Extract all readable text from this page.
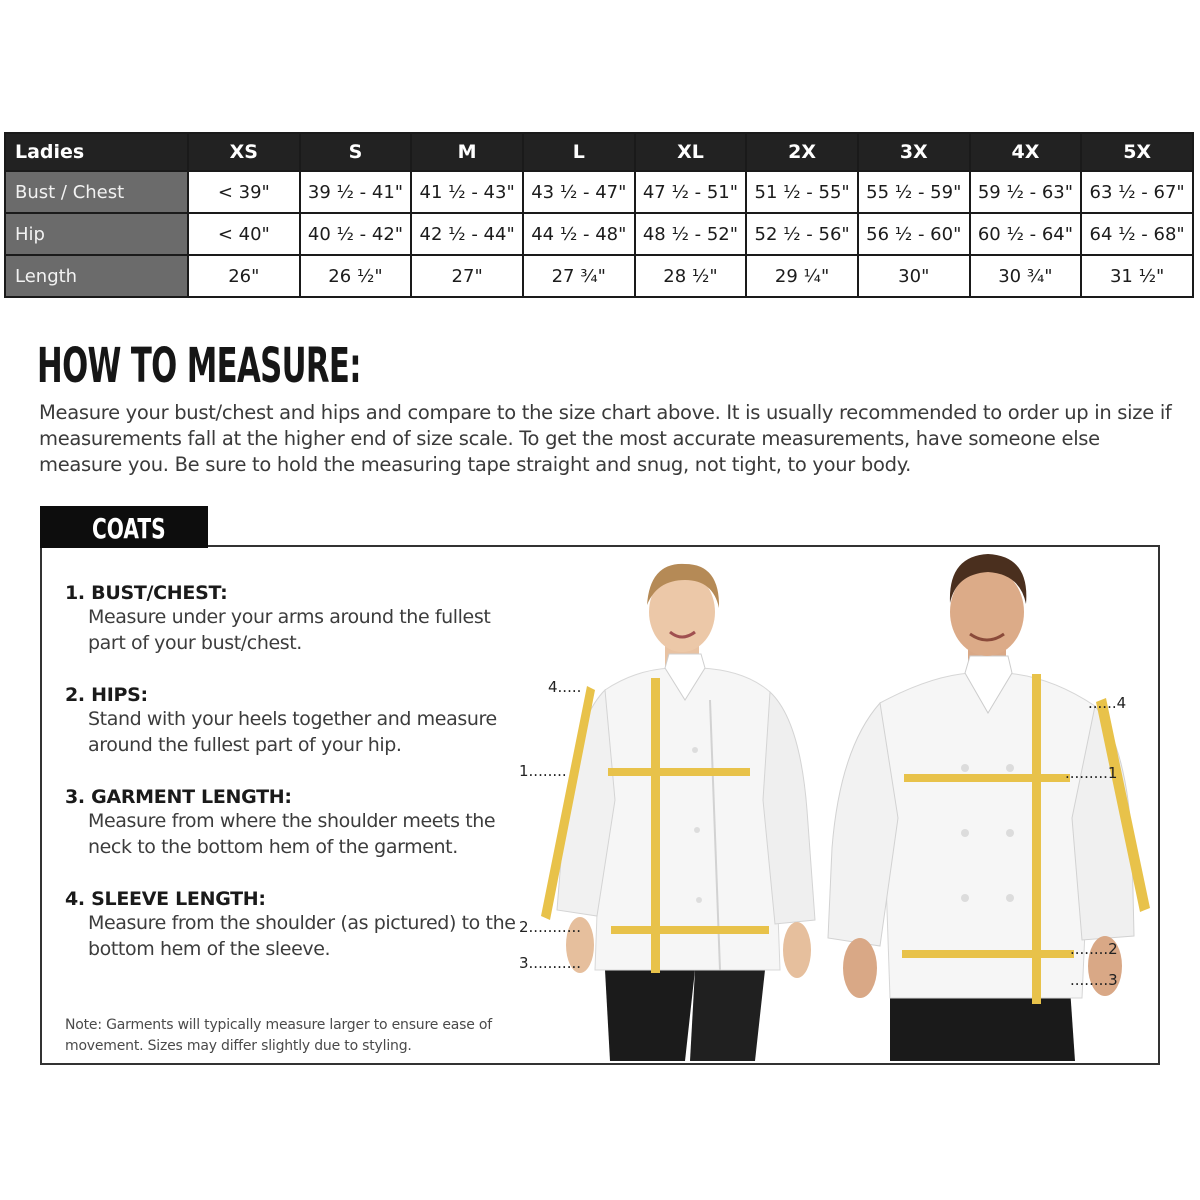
Ladies	XS	S	M	L	XL	2X	3X	4X	5X
Bust / Chest	< 39"	39 ½ - 41"	41 ½ - 43"	43 ½ - 47"	47 ½ - 51"	51 ½ - 55"	55 ½ - 59"	59 ½ - 63"	63 ½ - 67"
Hip	< 40"	40 ½ - 42"	42 ½ - 44"	44 ½ - 48"	48 ½ - 52"	52 ½ - 56"	56 ½ - 60"	60 ½ - 64"	64 ½ - 68"
Length	26"	26 ½"	27"	27 ¾"	28 ½"	29 ¼"	30"	30 ¾"	31 ½"
HOW TO MEASURE:

Measure your bust/chest and hips and compare to the size chart above. It is usually recommended to order up in size if measurements fall at the higher end of size scale. To get the most accurate measurements, have someone else measure you. Be sure to hold the measuring tape straight and snug, not tight, to your body.

COATS
1. BUST/CHEST:
Measure under your arms around the fullest part of your bust/chest.
2. HIPS:
Stand with your heels together and measure around the fullest part of your hip.
3. GARMENT LENGTH:
Measure from where the shoulder meets the neck to the bottom hem of the garment.
4. SLEEVE LENGTH:
Measure from the shoulder (as pictured) to the bottom hem of the sleeve.
Note: Garments will typically measure larger to ensure ease of movement. Sizes may differ slightly due to styling.
4.....
1........
2...........
3...........
......4
.........1
........2
........3
